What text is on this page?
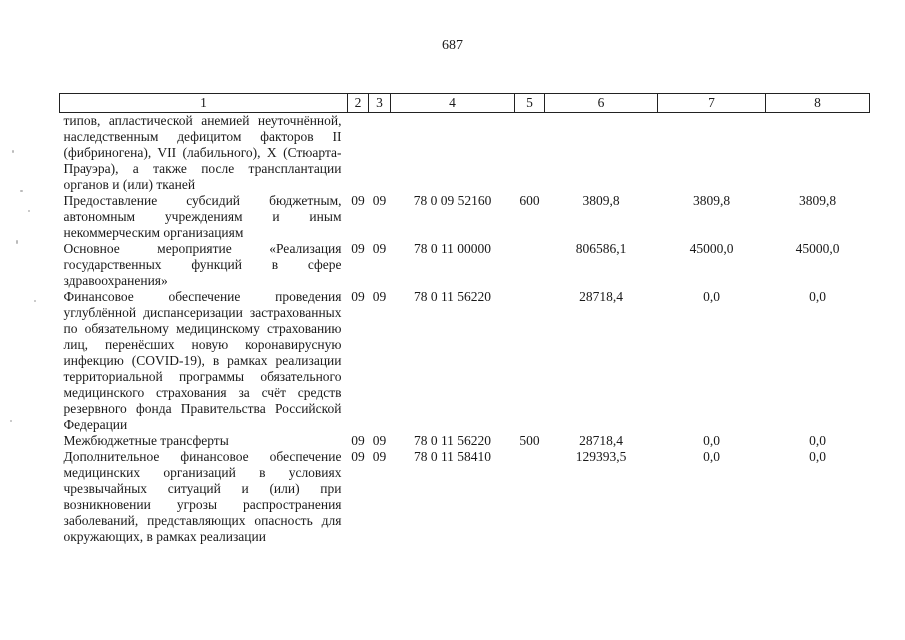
687
1	2	3	4	5	6	7	8
типов, апластической анемией неуточнённой, наследственным дефицитом факторов II (фибриногена), VII (лабильного), X (Стюарта-Прауэра), а также после трансплантации органов и (или) тканей							
Предоставление субсидий бюджетным, автономным учреждениям и иным некоммерческим организациям	09	09	78 0 09 52160	600	3809,8	3809,8	3809,8
Основное мероприятие «Реализация государственных функций в сфере здравоохранения»	09	09	78 0 11 00000		806586,1	45000,0	45000,0
Финансовое обеспечение проведения углублённой диспансеризации застрахованных по обязательному медицинскому страхованию лиц, перенёсших новую коронавирусную инфекцию (COVID-19), в рамках реализации территориальной программы обязательного медицинского страхования за счёт средств резервного фонда Правительства Российской Федерации	09	09	78 0 11 56220		28718,4	0,0	0,0
Межбюджетные трансферты	09	09	78 0 11 56220	500	28718,4	0,0	0,0
Дополнительное финансовое обеспечение медицинских организаций в условиях чрезвычайных ситуаций и (или) при возникновении угрозы распространения заболеваний, представляющих опасность для окружающих, в рамках реализации	09	09	78 0 11 58410		129393,5	0,0	0,0
